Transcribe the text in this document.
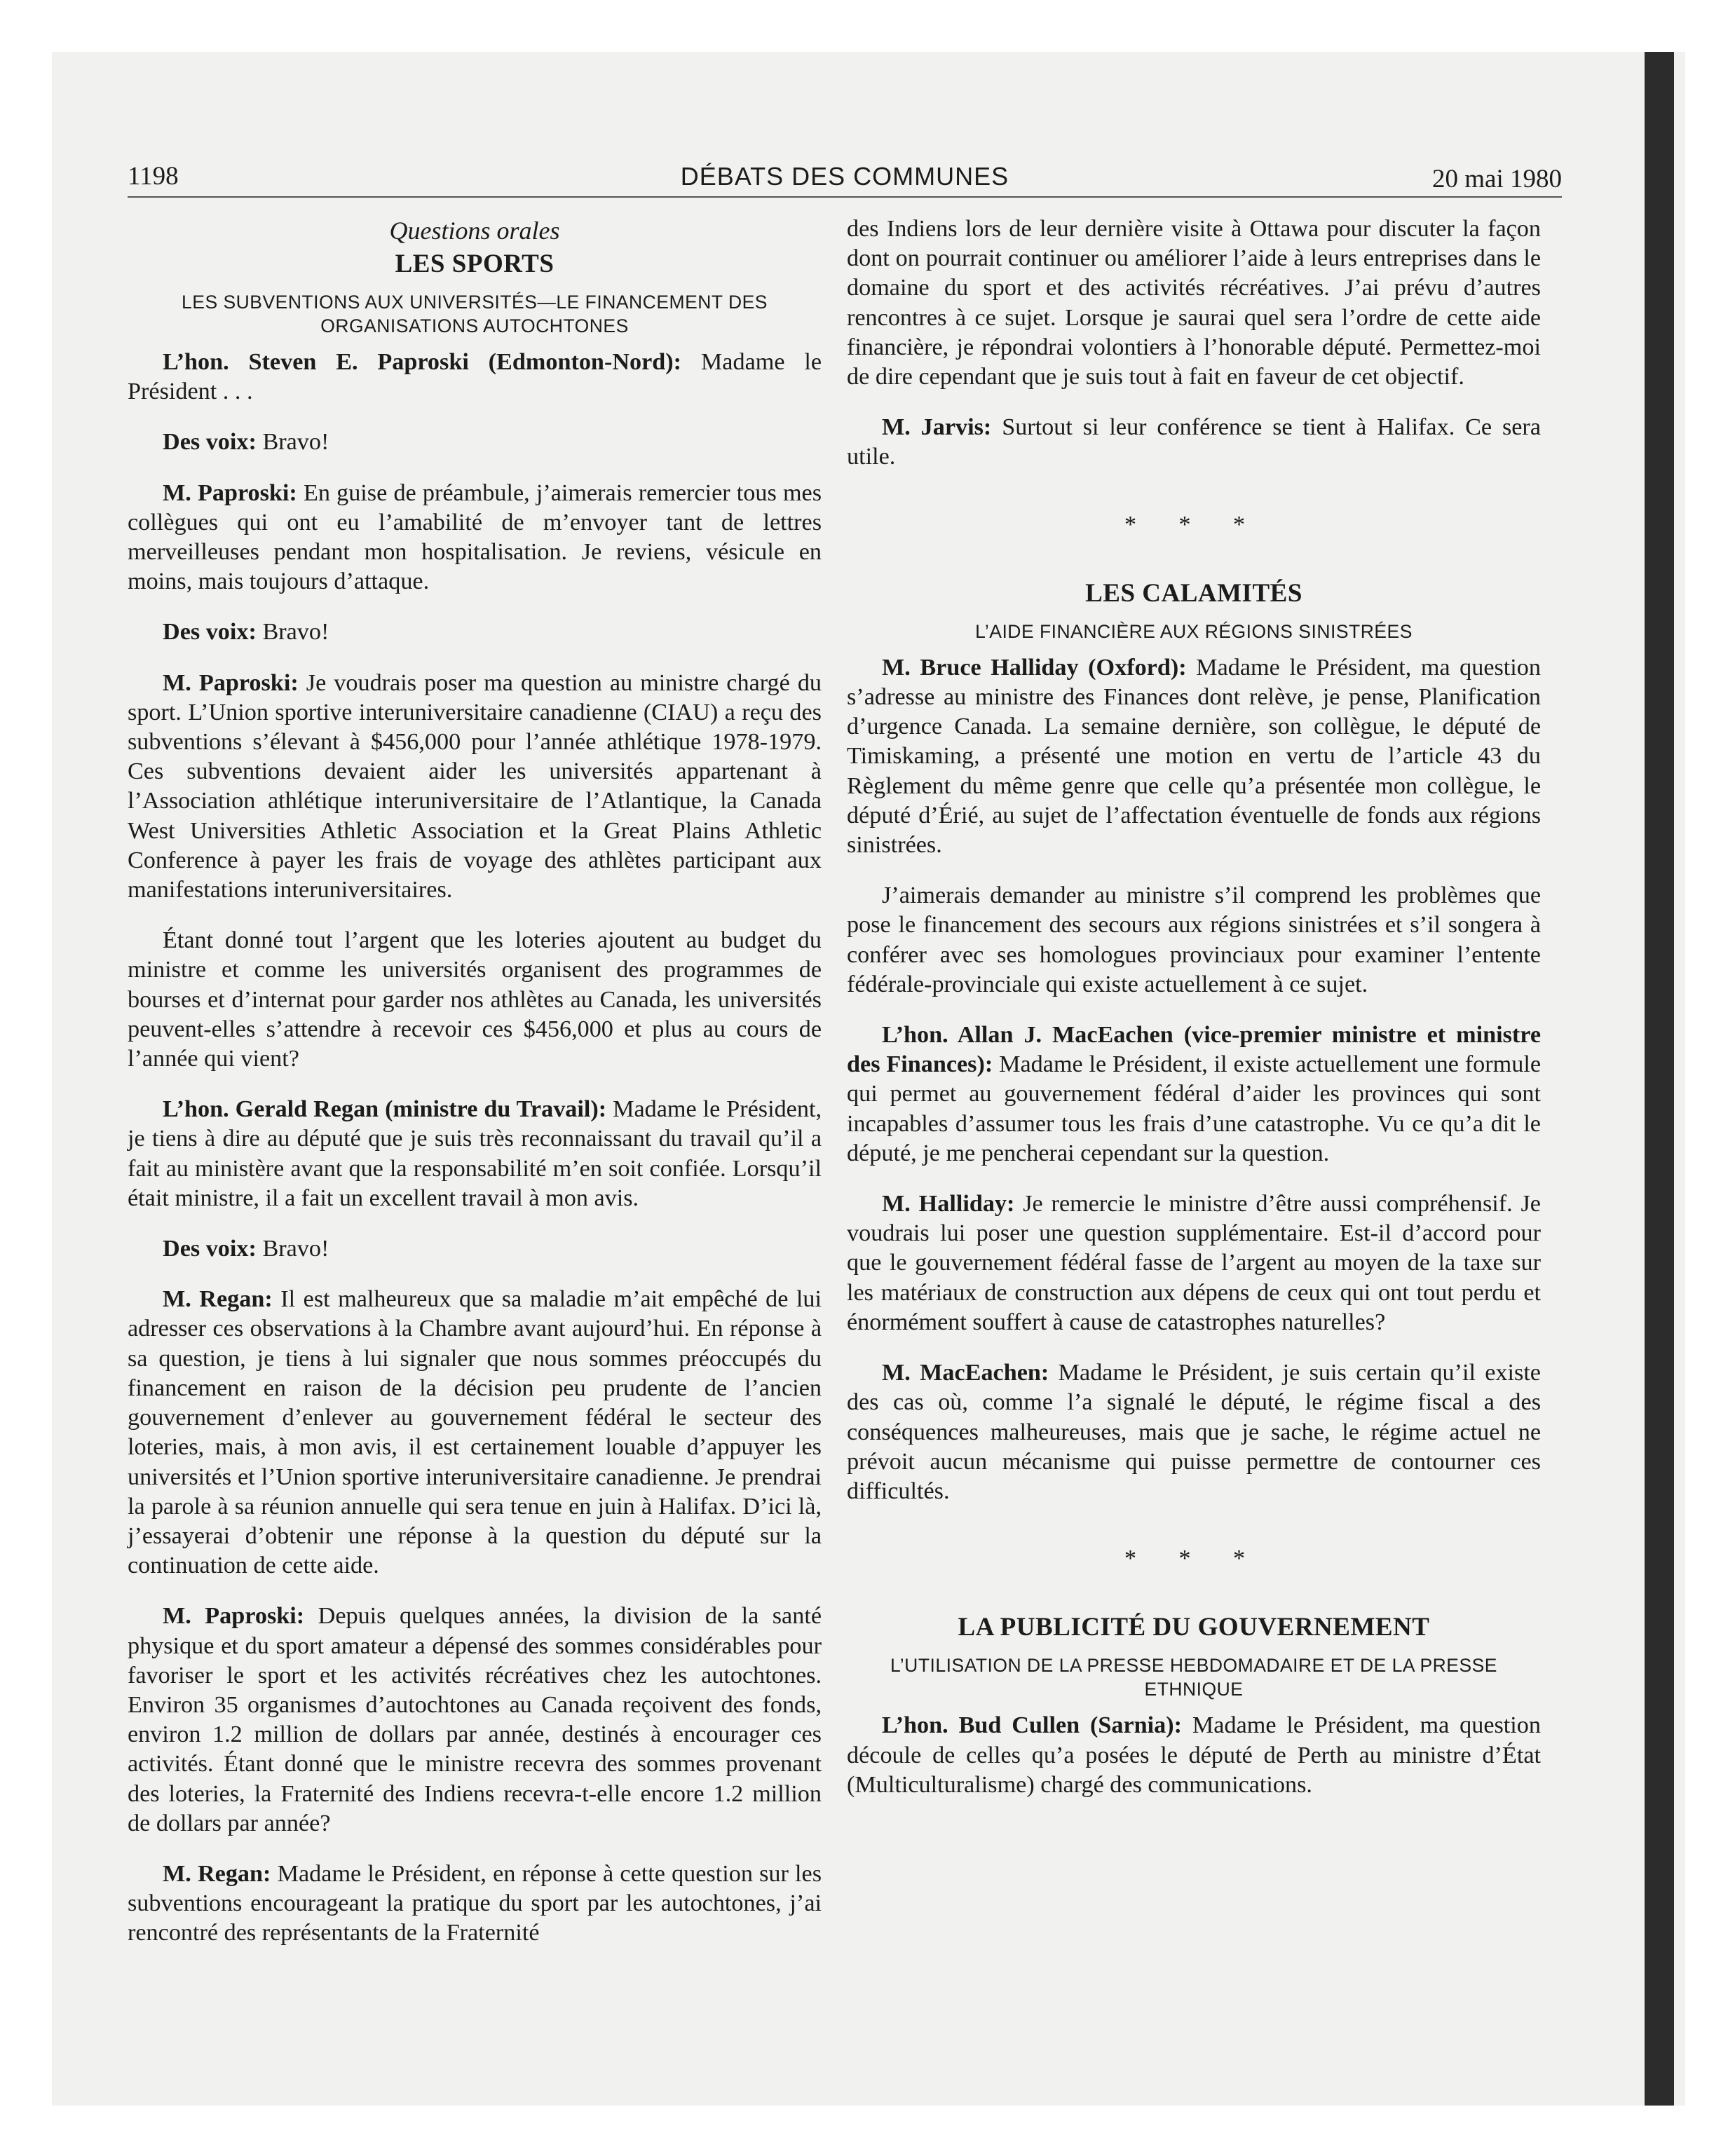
1198	DÉBATS DES COMMUNES	20 mai 1980
Questions orales
LES SPORTS
LES SUBVENTIONS AUX UNIVERSITÉS—LE FINANCEMENT DES ORGANISATIONS AUTOCHTONES

L’hon. Steven E. Paproski (Edmonton-Nord): Madame le Président . . .

Des voix: Bravo!

M. Paproski: En guise de préambule, j’aimerais remercier tous mes collègues qui ont eu l’amabilité de m’envoyer tant de lettres merveilleuses pendant mon hospitalisation. Je reviens, vésicule en moins, mais toujours d’attaque.

Des voix: Bravo!

M. Paproski: Je voudrais poser ma question au ministre chargé du sport. L’Union sportive interuniversitaire canadienne (CIAU) a reçu des subventions s’élevant à $456,000 pour l’année athlétique 1978-1979. Ces subventions devaient aider les universités appartenant à l’Association athlétique interuniversitaire de l’Atlantique, la Canada West Universities Athletic Association et la Great Plains Athletic Conference à payer les frais de voyage des athlètes participant aux manifestations interuniversitaires.

Étant donné tout l’argent que les loteries ajoutent au budget du ministre et comme les universités organisent des programmes de bourses et d’internat pour garder nos athlètes au Canada, les universités peuvent-elles s’attendre à recevoir ces $456,000 et plus au cours de l’année qui vient?

L’hon. Gerald Regan (ministre du Travail): Madame le Président, je tiens à dire au député que je suis très reconnaissant du travail qu’il a fait au ministère avant que la responsabilité m’en soit confiée. Lorsqu’il était ministre, il a fait un excellent travail à mon avis.

Des voix: Bravo!

M. Regan: Il est malheureux que sa maladie m’ait empêché de lui adresser ces observations à la Chambre avant aujourd’hui. En réponse à sa question, je tiens à lui signaler que nous sommes préoccupés du financement en raison de la décision peu prudente de l’ancien gouvernement d’enlever au gouvernement fédéral le secteur des loteries, mais, à mon avis, il est certainement louable d’appuyer les universités et l’Union sportive interuniversitaire canadienne. Je prendrai la parole à sa réunion annuelle qui sera tenue en juin à Halifax. D’ici là, j’essayerai d’obtenir une réponse à la question du député sur la continuation de cette aide.

M. Paproski: Depuis quelques années, la division de la santé physique et du sport amateur a dépensé des sommes considérables pour favoriser le sport et les activités récréatives chez les autochtones. Environ 35 organismes d’autochtones au Canada reçoivent des fonds, environ 1.2 million de dollars par année, destinés à encourager ces activités. Étant donné que le ministre recevra des sommes provenant des loteries, la Fraternité des Indiens recevra-t-elle encore 1.2 million de dollars par année?

M. Regan: Madame le Président, en réponse à cette question sur les subventions encourageant la pratique du sport par les autochtones, j’ai rencontré des représentants de la Fraternité

des Indiens lors de leur dernière visite à Ottawa pour discuter la façon dont on pourrait continuer ou améliorer l’aide à leurs entreprises dans le domaine du sport et des activités récréatives. J’ai prévu d’autres rencontres à ce sujet. Lorsque je saurai quel sera l’ordre de cette aide financière, je répondrai volontiers à l’honorable député. Permettez-moi de dire cependant que je suis tout à fait en faveur de cet objectif.

M. Jarvis: Surtout si leur conférence se tient à Halifax. Ce sera utile.

* * *
LES CALAMITÉS
L’AIDE FINANCIÈRE AUX RÉGIONS SINISTRÉES

M. Bruce Halliday (Oxford): Madame le Président, ma question s’adresse au ministre des Finances dont relève, je pense, Planification d’urgence Canada. La semaine dernière, son collègue, le député de Timiskaming, a présenté une motion en vertu de l’article 43 du Règlement du même genre que celle qu’a présentée mon collègue, le député d’Érié, au sujet de l’affectation éventuelle de fonds aux régions sinistrées.

J’aimerais demander au ministre s’il comprend les problèmes que pose le financement des secours aux régions sinistrées et s’il songera à conférer avec ses homologues provinciaux pour examiner l’entente fédérale-provinciale qui existe actuellement à ce sujet.

L’hon. Allan J. MacEachen (vice-premier ministre et ministre des Finances): Madame le Président, il existe actuellement une formule qui permet au gouvernement fédéral d’aider les provinces qui sont incapables d’assumer tous les frais d’une catastrophe. Vu ce qu’a dit le député, je me pencherai cependant sur la question.

M. Halliday: Je remercie le ministre d’être aussi compréhensif. Je voudrais lui poser une question supplémentaire. Est-il d’accord pour que le gouvernement fédéral fasse de l’argent au moyen de la taxe sur les matériaux de construction aux dépens de ceux qui ont tout perdu et énormément souffert à cause de catastrophes naturelles?

M. MacEachen: Madame le Président, je suis certain qu’il existe des cas où, comme l’a signalé le député, le régime fiscal a des conséquences malheureuses, mais que je sache, le régime actuel ne prévoit aucun mécanisme qui puisse permettre de contourner ces difficultés.

* * *
LA PUBLICITÉ DU GOUVERNEMENT
L’UTILISATION DE LA PRESSE HEBDOMADAIRE ET DE LA PRESSE ETHNIQUE

L’hon. Bud Cullen (Sarnia): Madame le Président, ma question découle de celles qu’a posées le député de Perth au ministre d’État (Multiculturalisme) chargé des communications.
